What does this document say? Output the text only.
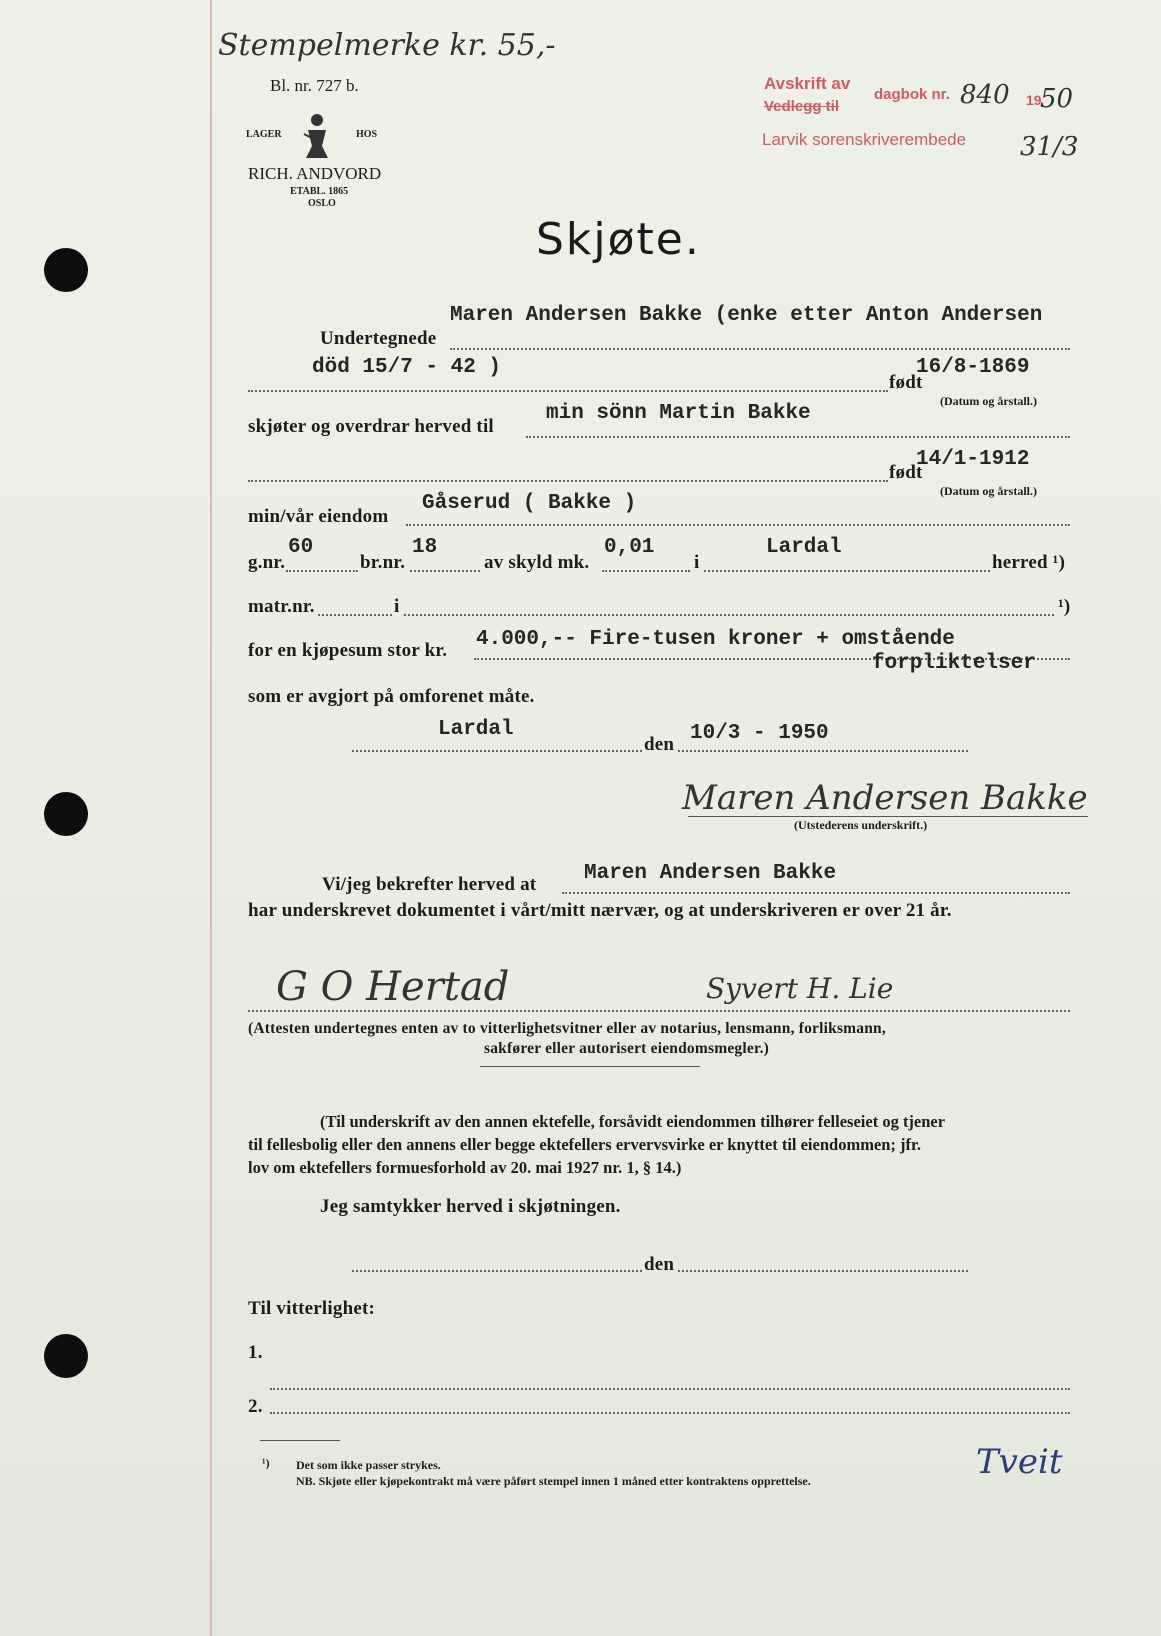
Stempelmerke kr. 55,-
Bl. nr. 727 b.
LAGER	HOS
RICH. ANDVORD
ETABL. 1865
OSLO
Avskrift av
dagbok nr. 840 19
50
Vedlegg til
Larvik sorenskriverembede 31/3
Skjøte.
Maren Andersen Bakke (enke etter Anton Andersen
Undertegnede
död 15/7 - 42 )	16/8-1869
født
(Datum og årstall.)
min sönn Martin Bakke
skjøter og overdrar herved til
14/1-1912
født
(Datum og årstall.)
Gåserud ( Bakke )
min/vår eiendom
60	18	0,01	Lardal
g.nr.	br.nr.	av skyld mk.	i	herred ¹)
matr.nr.	i	¹)
4.000,-- Fire-tusen kroner + omstående
for en kjøpesum stor kr.
forpliktelser
som er avgjort på omforenet måte.
Lardal
den 10/3 - 1950
Maren Andersen Bakke
(Utstederens underskrift.)
Maren Andersen Bakke
Vi/jeg bekrefter herved at
har underskrevet dokumentet i vårt/mitt nærvær, og at underskriveren er over 21 år.
G O Hertad	Syvert H. Lie
(Attesten undertegnes enten av to vitterlighetsvitner eller av notarius, lensmann, forliksmann,
sakfører eller autorisert eiendomsmegler.)
(Til underskrift av den annen ektefelle, forsåvidt eiendommen tilhører felleseiet og tjener
til fellesbolig eller den annens eller begge ektefellers ervervsvirke er knyttet til eiendommen; jfr.
lov om ektefellers formuesforhold av 20. mai 1927 nr. 1, § 14.)
Jeg samtykker herved i skjøtningen.
den
Til vitterlighet:
1.
2.
¹) Det som ikke passer strykes.
NB. Skjøte eller kjøpekontrakt må være påført stempel innen 1 måned etter kontraktens opprettelse.	Tveit
